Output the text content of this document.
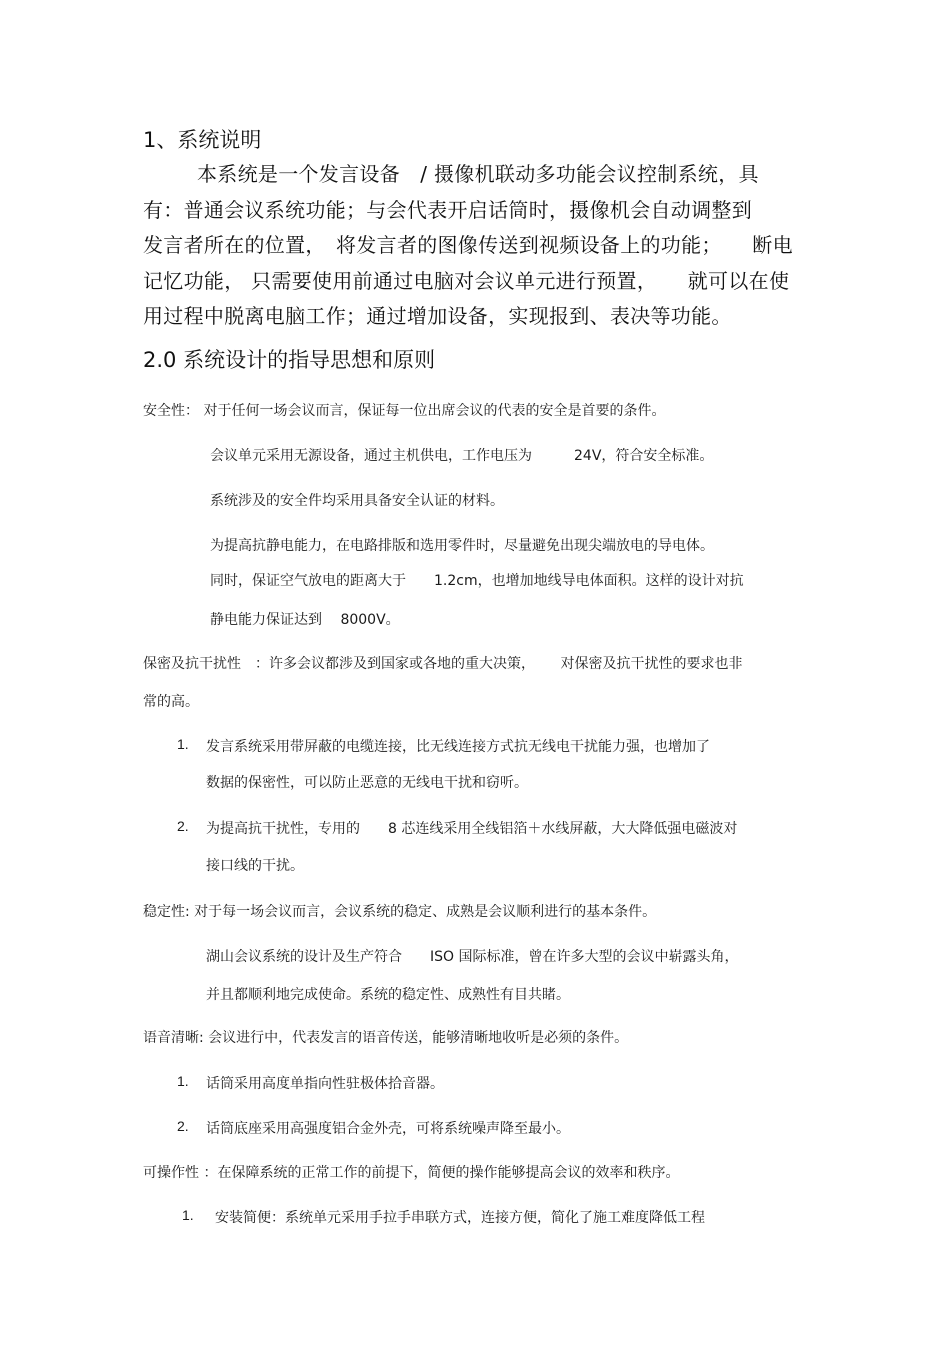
1、系统说明
本系统是一个发言设备　/ 摄像机联动多功能会议控制系统，具
有：普通会议系统功能；与会代表开启话筒时，摄像机会自动调整到
发言者所在的位置，　将发言者的图像传送到视频设备上的功能；　　断电
记忆功能， 只需要使用前通过电脑对会议单元进行预置，　　就可以在使
用过程中脱离电脑工作；通过增加设备，实现报到、表决等功能。
2.0 系统设计的指导思想和原则
安全性： 对于任何一场会议而言，保证每一位出席会议的代表的安全是首要的条件。
会议单元采用无源设备，通过主机供电，工作电压为　　　24V，符合安全标准。
系统涉及的安全件均采用具备安全认证的材料。
为提高抗静电能力，在电路排版和选用零件时，尽量避免出现尖端放电的导电体。
同时，保证空气放电的距离大于　　1.2cm，也增加地线导电体面积。这样的设计对抗
静电能力保证达到　 8000V。
保密及抗干扰性　：许多会议都涉及到国家或各地的重大决策，　　 对保密及抗干扰性的要求也非
常的高。
1. 发言系统采用带屏蔽的电缆连接，比无线连接方式抗无线电干扰能力强，也增加了
数据的保密性，可以防止恶意的无线电干扰和窃听。
2. 为提高抗干扰性，专用的　　8 芯连线采用全线铝箔＋水线屏蔽，大大降低强电磁波对
接口线的干扰。
稳定性: 对于每一场会议而言，会议系统的稳定、成熟是会议顺利进行的基本条件。
湖山会议系统的设计及生产符合　　ISO 国际标准，曾在许多大型的会议中崭露头角，
并且都顺利地完成使命。系统的稳定性、成熟性有目共睹。
语音清晰: 会议进行中，代表发言的语音传送，能够清晰地收听是必须的条件。
1. 话筒采用高度单指向性驻极体拾音器。
2. 话筒底座采用高强度铝合金外壳，可将系统噪声降至最小。
可操作性 ：在保障系统的正常工作的前提下，简便的操作能够提高会议的效率和秩序。
1. 安装简便：系统单元采用手拉手串联方式，连接方便，简化了施工难度降低工程
